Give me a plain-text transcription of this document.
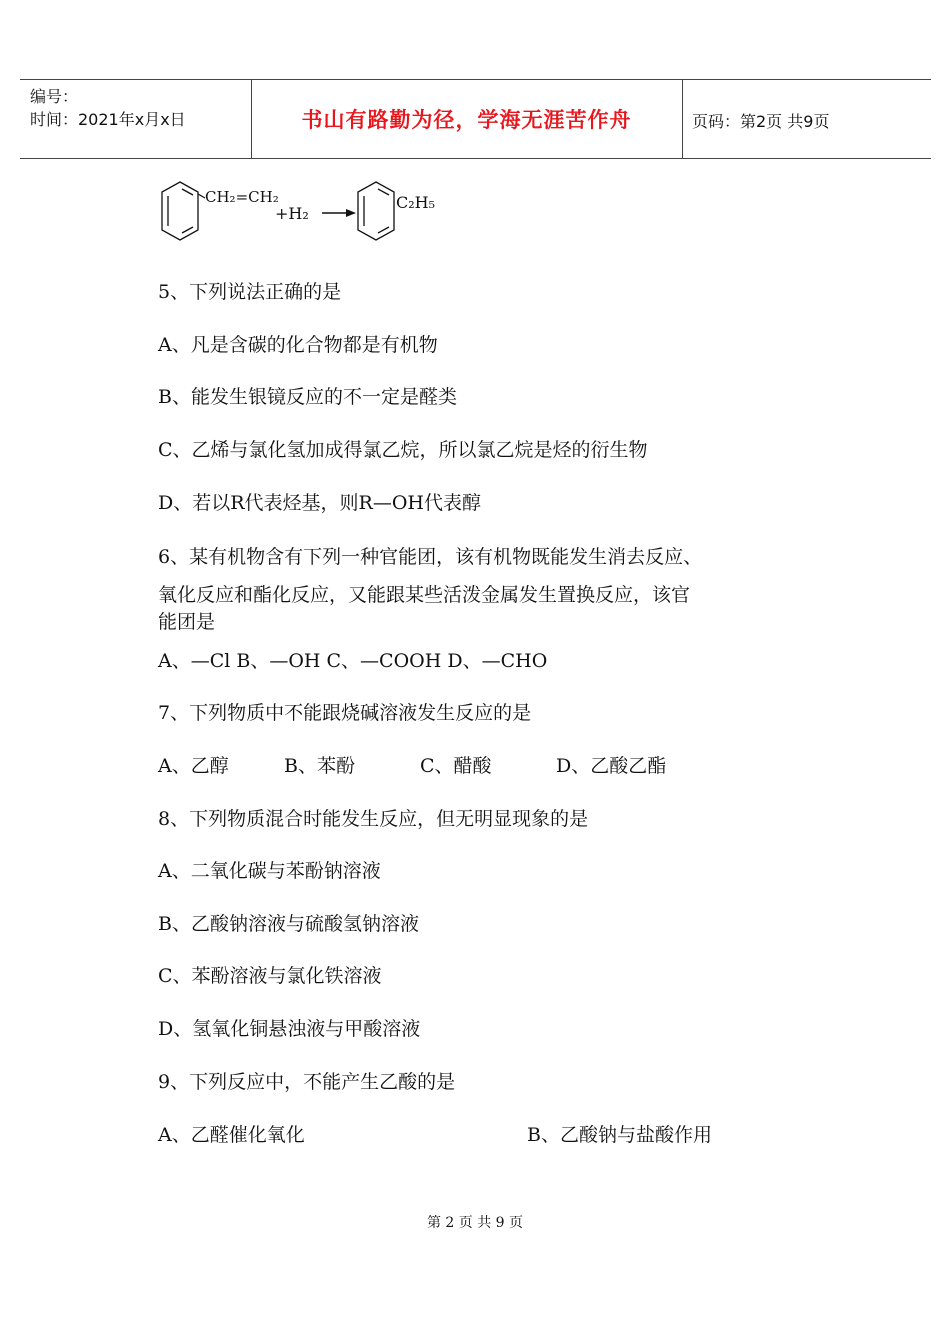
编号：
时间：2021年x月x日	书山有路勤为径，学海无涯苦作舟	页码：第2页 共9页
CH₂=CH₂
+H₂
C₂H₅
5、下列说法正确的是
A、凡是含碳的化合物都是有机物
B、能发生银镜反应的不一定是醛类
C、乙烯与氯化氢加成得氯乙烷，所以氯乙烷是烃的衍生物
D、若以R代表烃基，则R—OH代表醇
6、某有机物含有下列一种官能团，该有机物既能发生消去反应、
氧化反应和酯化反应，又能跟某些活泼金属发生置换反应，该官
能团是
A、—Cl B、—OH C、—COOH D、—CHO
7、下列物质中不能跟烧碱溶液发生反应的是
A、乙醇	B、苯酚	C、醋酸	D、乙酸乙酯
8、下列物质混合时能发生反应，但无明显现象的是
A、二氧化碳与苯酚钠溶液
B、乙酸钠溶液与硫酸氢钠溶液
C、苯酚溶液与氯化铁溶液
D、氢氧化铜悬浊液与甲酸溶液
9、下列反应中，不能产生乙酸的是
A、乙醛催化氧化	B、乙酸钠与盐酸作用
第 2 页 共 9 页
